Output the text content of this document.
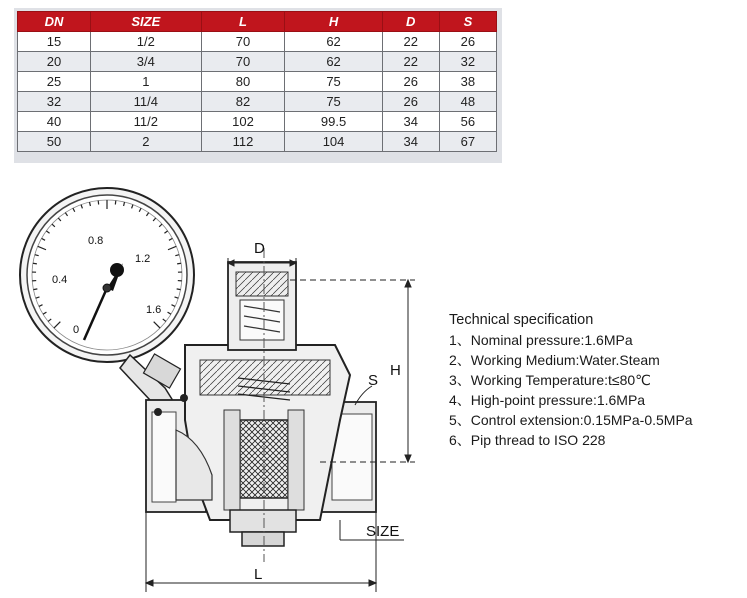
DN	SIZE	L	H	D	S
15	1/2	70	62	22	26
20	3/4	70	62	22	32
25	1	80	75	26	38
32	11/4	82	75	26	48
40	11/2	102	99.5	34	56
50	2	112	104	34	67
0
0.4
0.8
1.2
1.6
D
H
S
L
SIZE
Technical specification
1、Nominal pressure:1.6MPa
2、Working Medium:Water.Steam
3、Working Temperature:t≤80℃
4、High-point pressure:1.6MPa
5、Control extension:0.15MPa-0.5MPa
6、Pip thread to ISO 228
